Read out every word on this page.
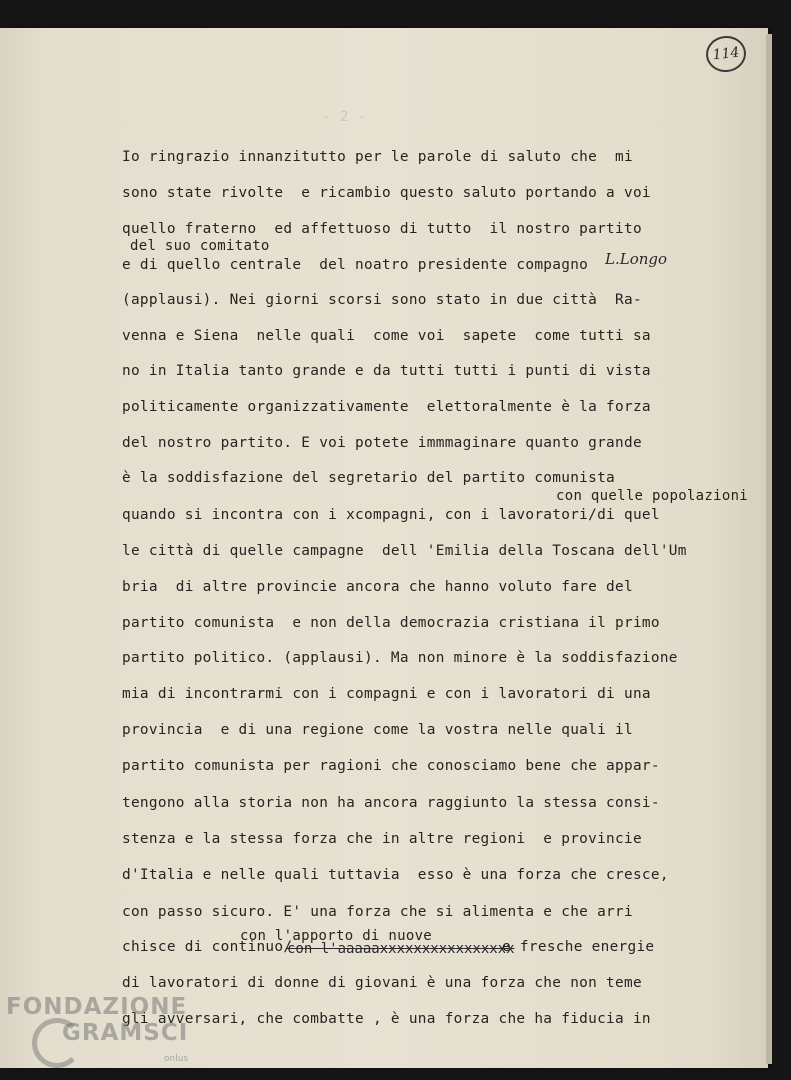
114
- 2 -
Io ringrazio innanzitutto per le parole di saluto che  mi
sono state rivolte  e ricambio questo saluto portando a voi
quello fraterno  ed affettuoso di tutto  il nostro partito
del suo comitato
e di quello centrale  del noatro presidente compagno L.Longo
(applausi). Nei giorni scorsi sono stato in due città  Ra-
venna e Siena  nelle quali  come voi  sapete  come tutti sa
no in Italia tanto grande e da tutti tutti i punti di vista
politicamente organizzativamente  elettoralmente è la forza
del nostro partito. E voi potete immmaginare quanto grande
è la soddisfazione del segretario del partito comunista
con quelle popolazioni
quando si incontra con i xcompagni, con i lavoratori/di quel
le città di quelle campagne  dell 'Emilia della Toscana dell'Um
bria  di altre provincie ancora che hanno voluto fare del
partito comunista  e non della democrazia cristiana il primo
partito politico. (applausi). Ma non minore è la soddisfazione
mia di incontrarmi con i compagni e con i lavoratori di una
provincia  e di una regione come la vostra nelle quali il
partito comunista per ragioni che conosciamo bene che appar-
tengono alla storia non ha ancora raggiunto la stessa consi-
stenza e la stessa forza che in altre regioni  e provincie
d'Italia e nelle quali tuttavia  esso è una forza che cresce,
con passo sicuro. E' una forza che si alimenta e che arri
con l'apporto di nuove
chisce di continuo/
con l'aaaaaxxxxxxxxxxxxxxxx
e fresche energie
di lavoratori di donne di giovani è una forza che non teme
gli avversari, che combatte , è una forza che ha fiducia in
FONDAZIONE
GRAMSCI
onlus
